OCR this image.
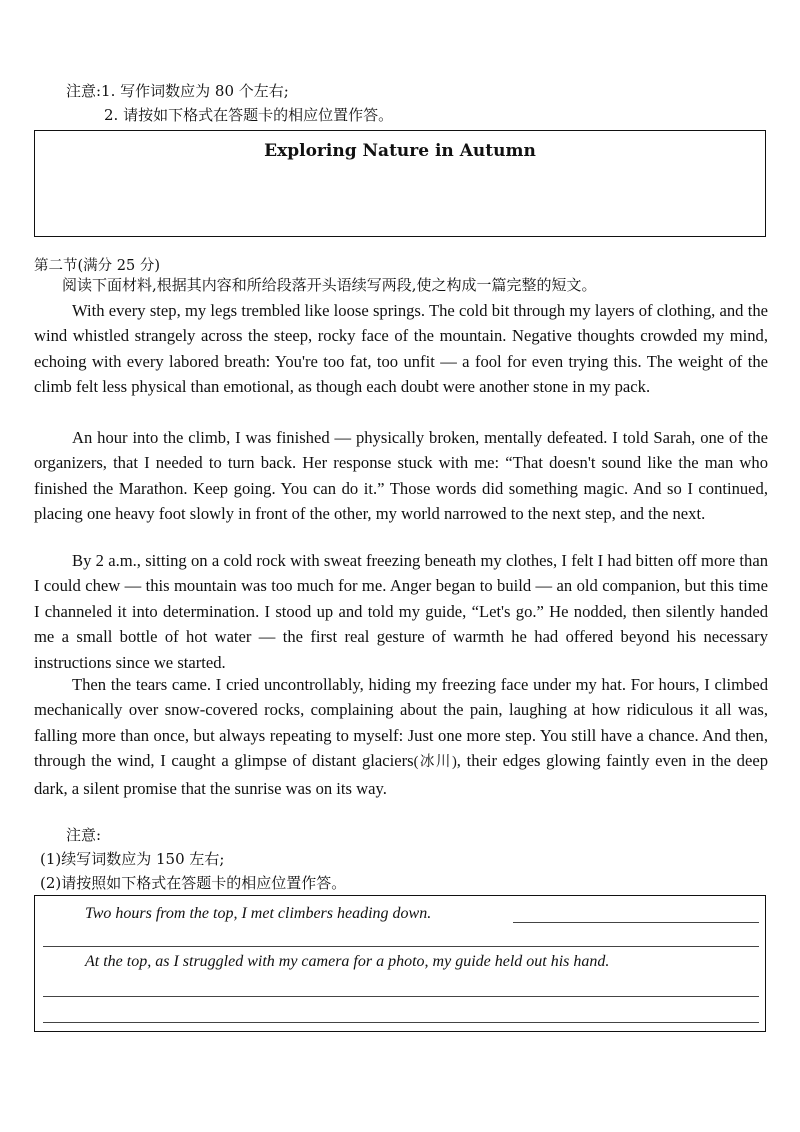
注意:1. 写作词数应为 80 个左右;
2. 请按如下格式在答题卡的相应位置作答。
Exploring Nature in Autumn
第二节(满分 25 分)
阅读下面材料,根据其内容和所给段落开头语续写两段,使之构成一篇完整的短文。

With every step, my legs trembled like loose springs. The cold bit through my layers of clothing, and the wind whistled strangely across the steep, rocky face of the mountain. Negative thoughts crowded my mind, echoing with every labored breath: You're too fat, too unfit — a fool for even trying this. The weight of the climb felt less physical than emotional, as though each doubt were another stone in my pack.

An hour into the climb, I was finished — physically broken, mentally defeated. I told Sarah, one of the organizers, that I needed to turn back. Her response stuck with me: “That doesn't sound like the man who finished the Marathon. Keep going. You can do it.” Those words did something magic. And so I continued, placing one heavy foot slowly in front of the other, my world narrowed to the next step, and the next.

By 2 a.m., sitting on a cold rock with sweat freezing beneath my clothes, I felt I had bitten off more than I could chew — this mountain was too much for me. Anger began to build — an old companion, but this time I channeled it into determination. I stood up and told my guide, “Let's go.” He nodded, then silently handed me a small bottle of hot water — the first real gesture of warmth he had offered beyond his necessary instructions since we started.

Then the tears came. I cried uncontrollably, hiding my freezing face under my hat. For hours, I climbed mechanically over snow-covered rocks, complaining about the pain, laughing at how ridiculous it all was, falling more than once, but always repeating to myself: Just one more step. You still have a chance. And then, through the wind, I caught a glimpse of distant glaciers(冰川), their edges glowing faintly even in the deep dark, a silent promise that the sunrise was on its way.

注意:
(1)续写词数应为 150 左右;
(2)请按照如下格式在答题卡的相应位置作答。
Two hours from the top, I met climbers heading down.
At the top, as I struggled with my camera for a photo, my guide held out his hand.
